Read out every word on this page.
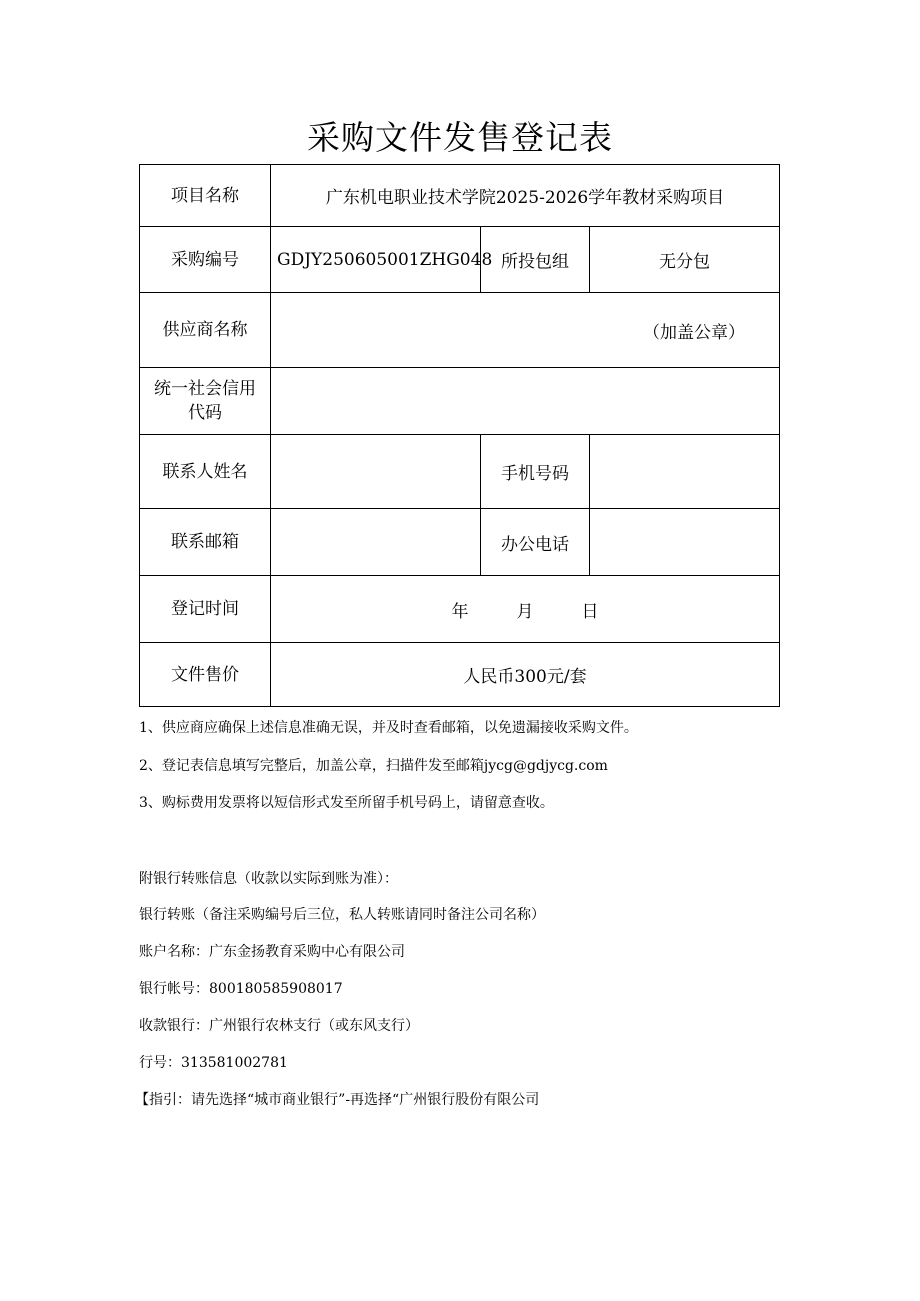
采购文件发售登记表
项目名称	广东机电职业技术学院2025-2026学年教材采购项目		
采购编号	GDJY250605001ZHG048	所投包组	无分包
供应商名称	（加盖公章）		
统一社会信用
代码			
联系人姓名		手机号码	
联系邮箱		办公电话	
登记时间	年 月 日		
文件售价	人民币300元/套		
1、供应商应确保上述信息准确无误，并及时查看邮箱，以免遗漏接收采购文件。
2、登记表信息填写完整后，加盖公章，扫描件发至邮箱jycg@gdjycg.com
3、购标费用发票将以短信形式发至所留手机号码上，请留意查收。
附银行转账信息（收款以实际到账为准）：
银行转账（备注采购编号后三位，私人转账请同时备注公司名称）
账户名称：广东金扬教育采购中心有限公司
银行帐号：800180585908017
收款银行：广州银行农林支行（或东风支行）
行号：313581002781
【指引：请先选择“城市商业银行”-再选择“广州银行股份有限公司
